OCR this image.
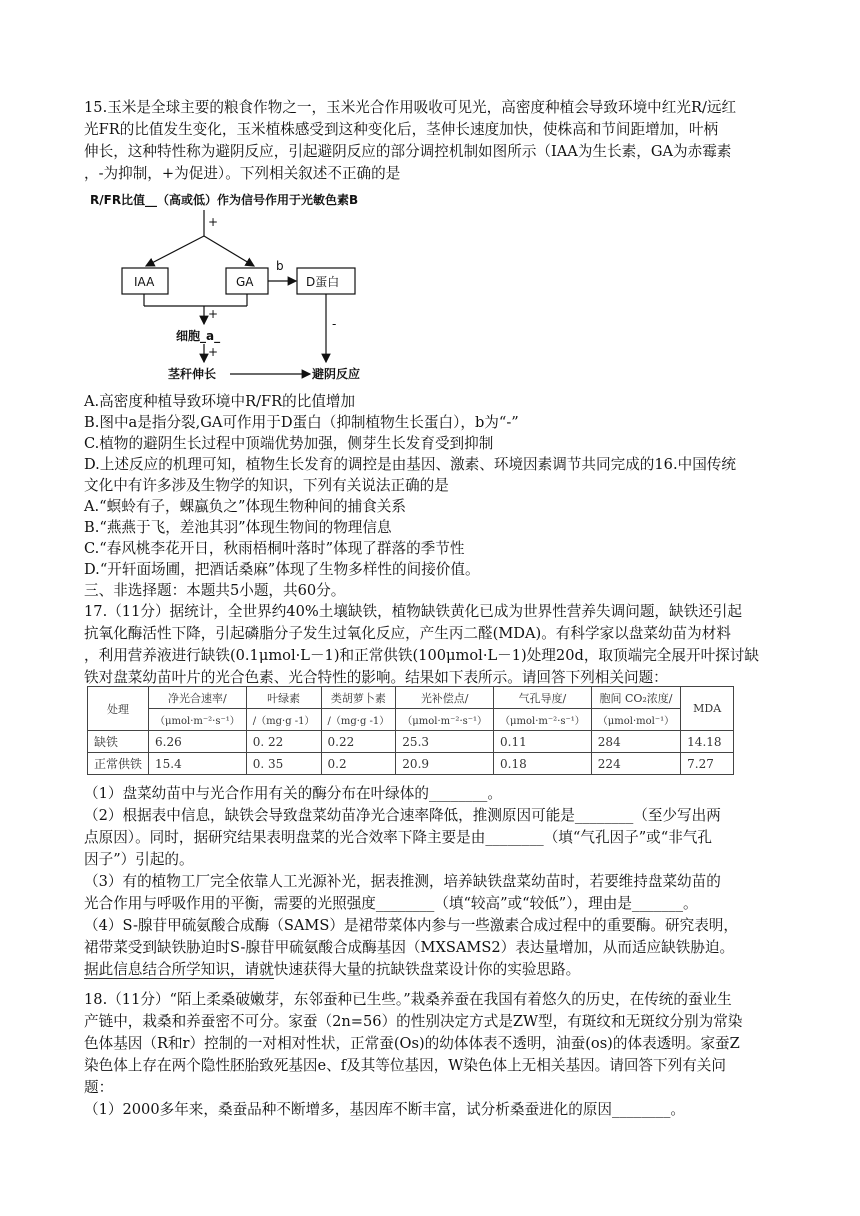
15.玉米是全球主要的粮食作物之一，玉米光合作用吸收可见光，高密度种植会导致环境中红光R/远红
光FR的比值发生变化，玉米植株感受到这种变化后，茎伸长速度加快，使株高和节间距增加，叶柄
伸长，这种特性称为避阴反应，引起避阴反应的部分调控机制如图所示（IAA为生长素，GA为赤霉素
，-为抑制，+为促进）。下列相关叙述不正确的是
R/FR比值__（高或低）作为信号作用于光敏色素B
+
IAA	GA
b
D蛋白
+
细胞_a_
+
茎秆伸长
-
避阴反应
A.高密度种植导致环境中R/FR的比值增加
B.图中a是指分裂,GA可作用于D蛋白（抑制植物生长蛋白），b为“-”
C.植物的避阴生长过程中顶端优势加强，侧芽生长发育受到抑制
D.上述反应的机理可知，植物生长发育的调控是由基因、激素、环境因素调节共同完成的16.中国传统
文化中有许多涉及生物学的知识，下列有关说法正确的是
A.“螟蛉有子，蜾蠃负之”体现生物种间的捕食关系
B.“燕燕于飞，差池其羽”体现生物间的物理信息
C.“春风桃李花开日，秋雨梧桐叶落时”体现了群落的季节性
D.“开轩面场圃，把酒话桑麻”体现了生物多样性的间接价值。
三、非选择题：本题共5小题，共60分。
17.（11分）据统计，全世界约40%土壤缺铁，植物缺铁黄化已成为世界性营养失调问题，缺铁还引起
抗氧化酶活性下降，引起磷脂分子发生过氧化反应，产生丙二醛(MDA)。有科学家以盘菜幼苗为材料
，利用营养液进行缺铁(0.1μmol·L－1)和正常供铁(100μmol·L－1)处理20d，取顶端完全展开叶探讨缺
铁对盘菜幼苗叶片的光合色素、光合特性的影响。结果如下表所示。请回答下列相关问题：
处理	净光合速率/	叶绿素	类胡萝卜素	光补偿点/	气孔导度/	胞间 CO₂浓度/	MDA
	（μmol·m⁻²·s⁻¹）	/（mg·g -1）	/（mg·g -1）	（μmol·m⁻²·s⁻¹）	（μmol·m⁻²·s⁻¹）	（μmol·mol⁻¹）	
缺铁	6.26	0. 22	0.22	25.3	0.11	284	14.18
正常供铁	15.4	0. 35	0.2	20.9	0.18	224	7.27
（1）盘菜幼苗中与光合作用有关的酶分布在叶绿体的________。
（2）根据表中信息，缺铁会导致盘菜幼苗净光合速率降低，推测原因可能是________（至少写出两
点原因）。同时，据研究结果表明盘菜的光合效率下降主要是由________（填“气孔因子”或“非气孔
因子”）引起的。
（3）有的植物工厂完全依靠人工光源补光，据表推测，培养缺铁盘菜幼苗时，若要维持盘菜幼苗的
光合作用与呼吸作用的平衡，需要的光照强度________（填“较高”或“较低”），理由是_______。
（4）S-腺苷甲硫氨酸合成酶（SAMS）是裙带菜体内参与一些激素合成过程中的重要酶。研究表明，
裙带菜受到缺铁胁迫时S-腺苷甲硫氨酸合成酶基因（MXSAMS2）表达量增加，从而适应缺铁胁迫。
据此信息结合所学知识，请就快速获得大量的抗缺铁盘菜设计你的实验思路。
18.（11分）“陌上柔桑破嫩芽，东邻蚕种已生些。”栽桑养蚕在我国有着悠久的历史，在传统的蚕业生
产链中，栽桑和养蚕密不可分。家蚕（2n=56）的性别决定方式是ZW型，有斑纹和无斑纹分别为常染
色体基因（R和r）控制的一对相对性状，正常蚕(Os)的幼体体表不透明，油蚕(os)的体表透明。家蚕Z
染色体上存在两个隐性胚胎致死基因e、f及其等位基因，W染色体上无相关基因。请回答下列有关问
题：
（1）2000多年来，桑蚕品种不断增多，基因库不断丰富，试分析桑蚕进化的原因________。
